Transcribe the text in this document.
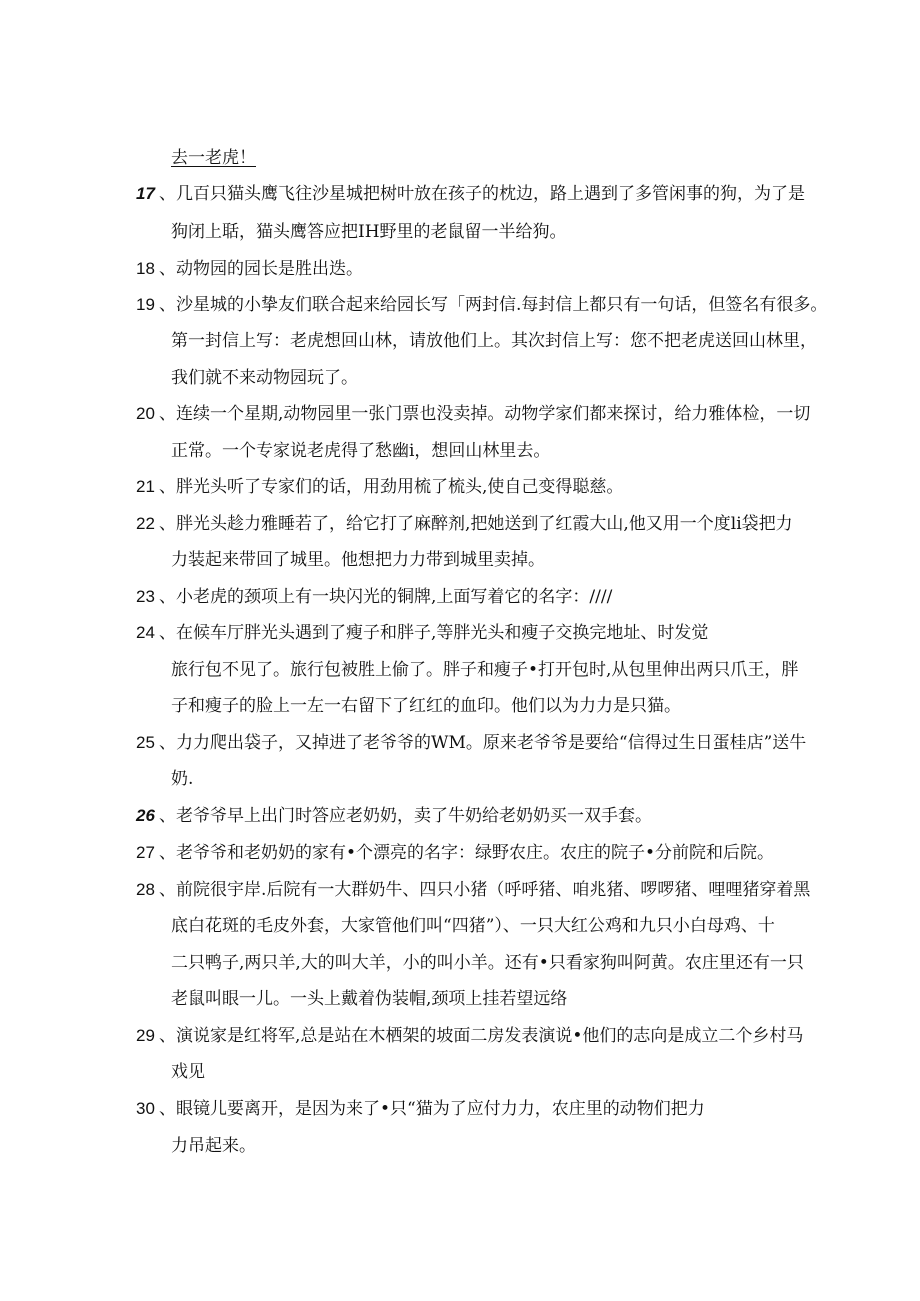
去一老虎！
17 、几百只猫头鹰飞往沙星城把树叶放在孩子的枕边，路上遇到了多管闲事的狗，为了是
狗闭上聒，猫头鹰答应把IH野里的老鼠留一半给狗。
18 、动物园的园长是胜出迭。
19 、沙星城的小挚友们联合起来给园长写「两封信.每封信上都只有一句话，但签名有很多。
第一封信上写：老虎想回山林，请放他们上。其次封信上写：您不把老虎送回山林里，
我们就不来动物园玩了。
20 、连续一个星期,动物园里一张门票也没卖掉。动物学家们都来探讨，给力雅体检，一切
正常。一个专家说老虎得了愁幽i，想回山林里去。
21 、胖光头听了专家们的话，用劲用梳了梳头,使自己变得聪慈。
22 、胖光头趁力雅睡若了，给它打了麻醉剂,把她送到了红霞大山,他又用一个度li袋把力
力装起来带回了城里。他想把力力带到城里卖掉。
23 、小老虎的颈项上有一块闪光的铜牌,上面写着它的名字：////
24 、在候车厅胖光头遇到了瘦子和胖子,等胖光头和瘦子交换完地址、时发觉
旅行包不见了。旅行包被胜上偷了。胖子和瘦子•打开包时,从包里伸出两只爪王，胖
子和瘦子的脸上一左一右留下了红红的血印。他们以为力力是只猫。
25 、力力爬出袋子，又掉进了老爷爷的WM。原来老爷爷是要给“信得过生日蛋桂店”送牛
奶.
26 、老爷爷早上出门时答应老奶奶，卖了牛奶给老奶奶买一双手套。
27 、老爷爷和老奶奶的家有•个漂亮的名字：绿野农庄。农庄的院子•分前院和后院。
28 、前院很宇岸.后院有一大群奶牛、四只小猪（呼呼猪、咱兆猪、啰啰猪、哩哩猪穿着黑
底白花斑的毛皮外套，大家管他们叫“四猪”）、一只大红公鸡和九只小白母鸡、十
二只鸭子,两只羊,大的叫大羊，小的叫小羊。还有•只看家狗叫阿黄。农庄里还有一只
老鼠叫眼一儿。一头上戴着伪装帽,颈项上挂若望远络
29 、演说家是红将军,总是站在木栖架的坡面二房发表演说•他们的志向是成立二个乡村马
戏见
30 、眼镜儿要离开，是因为来了•只“猫为了应付力力，农庄里的动物们把力
力吊起来。
